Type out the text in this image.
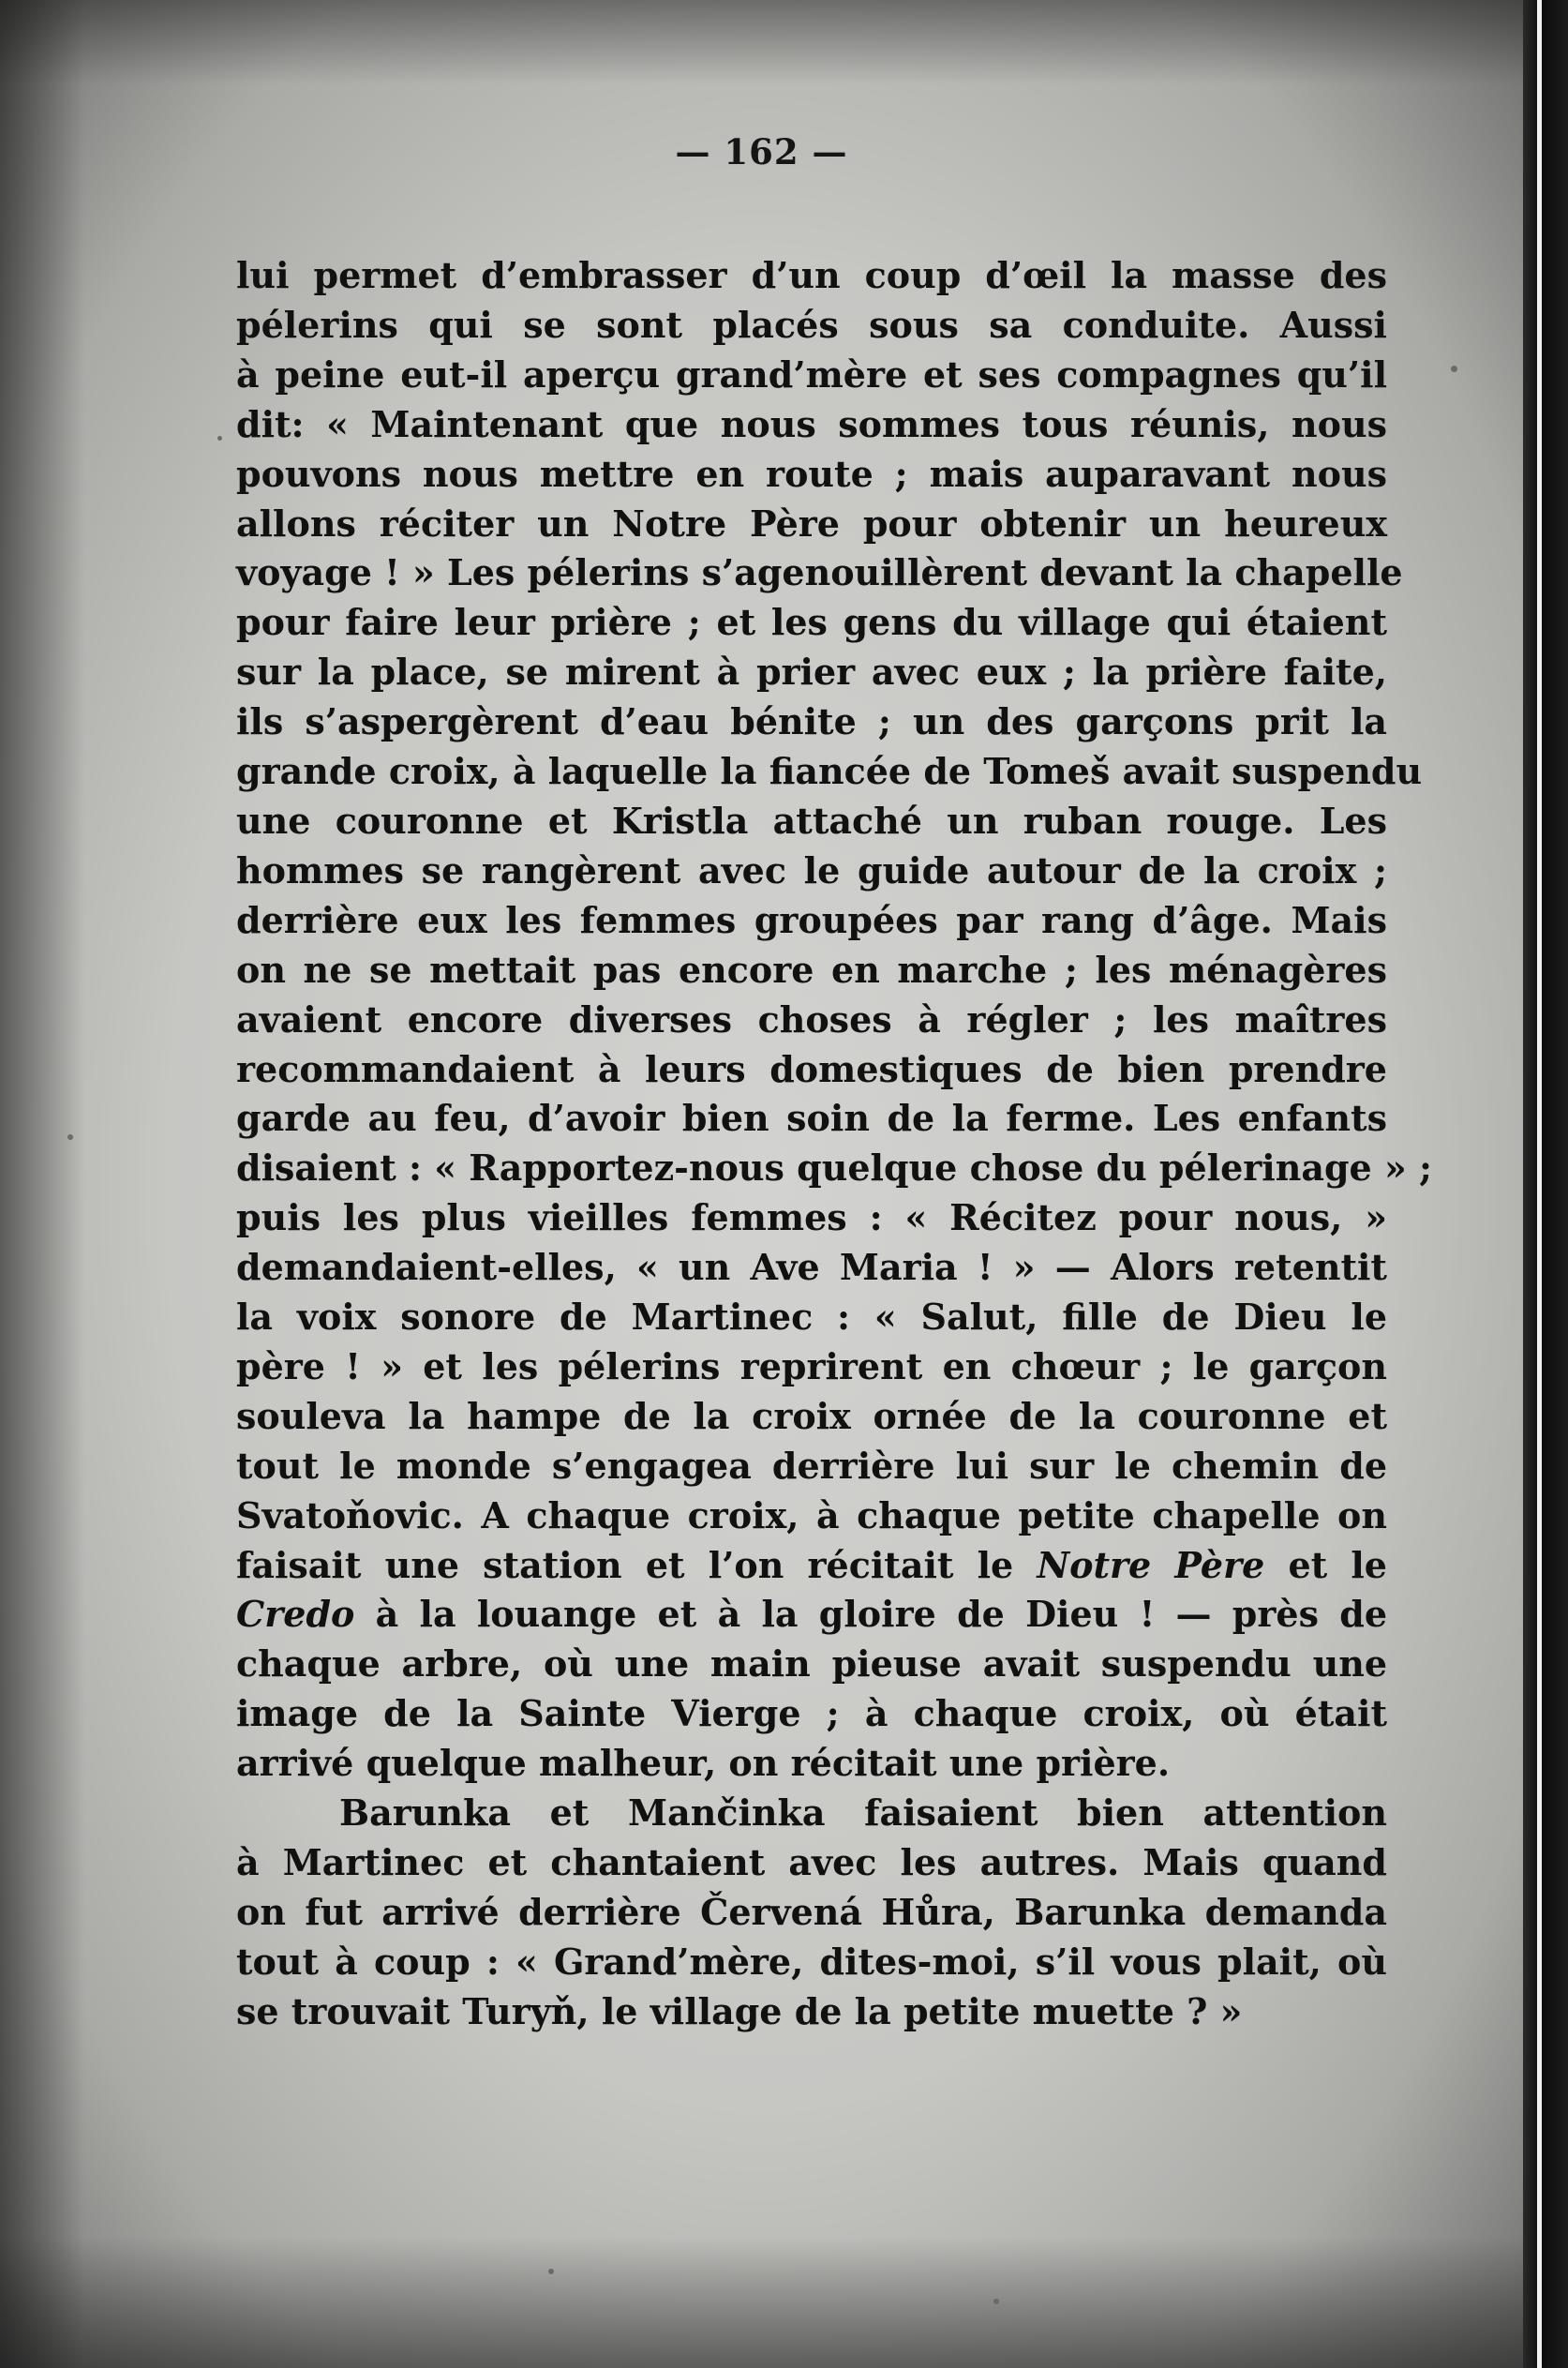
— 162 —
lui permet d’embrasser d’un coup d’œil la masse des
pélerins qui se sont placés sous sa conduite. Aussi
à peine eut-il aperçu grand’mère et ses compagnes qu’il
dit: « Maintenant que nous sommes tous réunis, nous
pouvons nous mettre en route ; mais auparavant nous
allons réciter un Notre Père pour obtenir un heureux
voyage ! » Les pélerins s’agenouillèrent devant la chapelle
pour faire leur prière ; et les gens du village qui étaient
sur la place, se mirent à prier avec eux ; la prière faite,
ils s’aspergèrent d’eau bénite ; un des garçons prit la
grande croix, à laquelle la fiancée de Tomeš avait suspendu
une couronne et Kristla attaché un ruban rouge. Les
hommes se rangèrent avec le guide autour de la croix ;
derrière eux les femmes groupées par rang d’âge. Mais
on ne se mettait pas encore en marche ; les ménagères
avaient encore diverses choses à régler ; les maîtres
recommandaient à leurs domestiques de bien prendre
garde au feu, d’avoir bien soin de la ferme. Les enfants
disaient : « Rapportez-nous quelque chose du pélerinage » ;
puis les plus vieilles femmes : « Récitez pour nous, »
demandaient-elles, « un Ave Maria ! » — Alors retentit
la voix sonore de Martinec : « Salut, fille de Dieu le
père ! » et les pélerins reprirent en chœur ; le garçon
souleva la hampe de la croix ornée de la couronne et
tout le monde s’engagea derrière lui sur le chemin de
Svatoňovic. A chaque croix, à chaque petite chapelle on
faisait une station et l’on récitait le Notre Père et le
Credo à la louange et à la gloire de Dieu ! — près de
chaque arbre, où une main pieuse avait suspendu une
image de la Sainte Vierge ; à chaque croix, où était
arrivé quelque malheur, on récitait une prière.
Barunka et Mančinka faisaient bien attention
à Martinec et chantaient avec les autres. Mais quand
on fut arrivé derrière Červená Hůra, Barunka demanda
tout à coup : « Grand’mère, dites-moi, s’il vous plait, où
se trouvait Turyň, le village de la petite muette ? »
